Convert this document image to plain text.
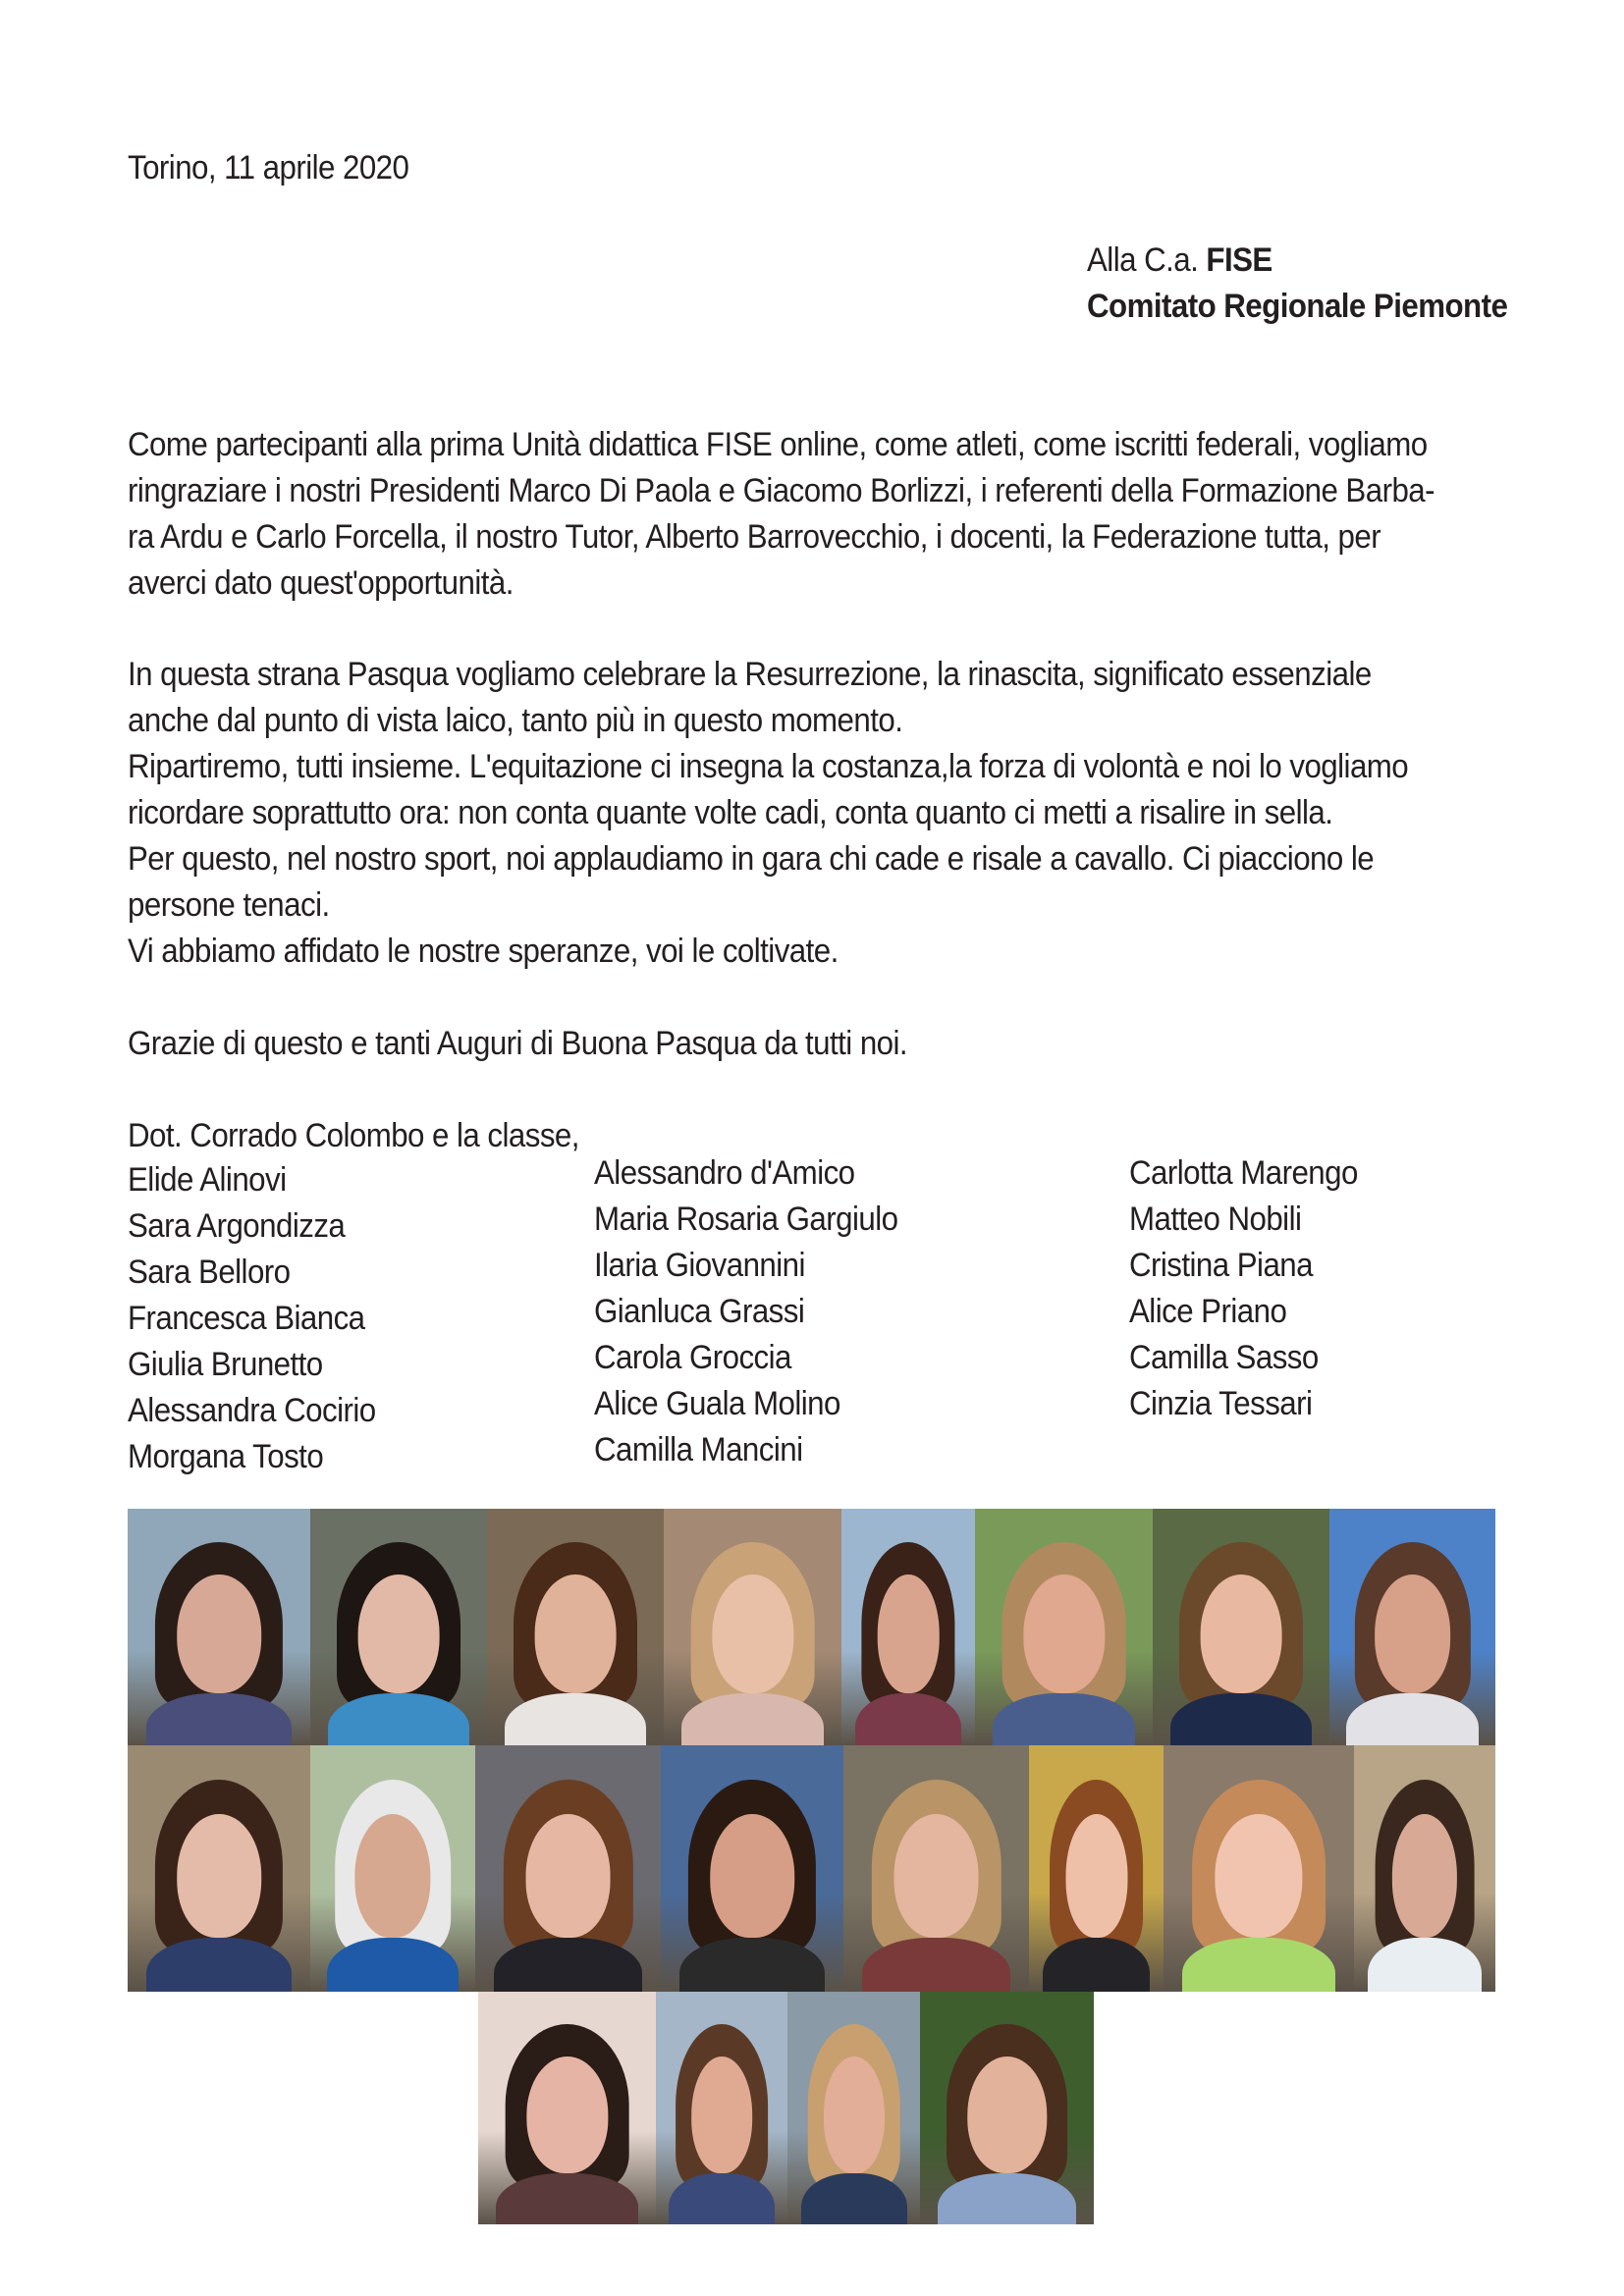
Torino, 11 aprile 2020
Alla C.a. FISE
Comitato Regionale Piemonte
Come partecipanti alla prima Unità didattica FISE online, come atleti, come iscritti federali, vogliamo
ringraziare i nostri Presidenti Marco Di Paola e Giacomo Borlizzi, i referenti della Formazione Barba-
ra Ardu e Carlo Forcella, il nostro Tutor, Alberto Barrovecchio, i docenti, la Federazione tutta, per
averci dato quest'opportunità.
In questa strana Pasqua vogliamo celebrare la Resurrezione, la rinascita, significato essenziale
anche dal punto di vista laico, tanto più in questo momento.
Ripartiremo, tutti insieme. L'equitazione ci insegna la costanza,la forza di volontà e noi lo vogliamo
ricordare soprattutto ora: non conta quante volte cadi, conta quanto ci metti a risalire in sella.
Per questo, nel nostro sport, noi applaudiamo in gara chi cade e risale a cavallo. Ci piacciono le
persone tenaci.
Vi abbiamo affidato le nostre speranze, voi le coltivate.
Grazie di questo e tanti Auguri di Buona Pasqua da tutti noi.
Dot. Corrado Colombo e la classe,
Elide Alinovi
Sara Argondizza
Sara Belloro
Francesca Bianca
Giulia Brunetto
Alessandra Cocirio
Morgana Tosto
Alessandro d'Amico
Maria Rosaria Gargiulo
Ilaria Giovannini
Gianluca Grassi
Carola Groccia
Alice Guala Molino
Camilla Mancini
Carlotta Marengo
Matteo Nobili
Cristina Piana
Alice Priano
Camilla Sasso
Cinzia Tessari
